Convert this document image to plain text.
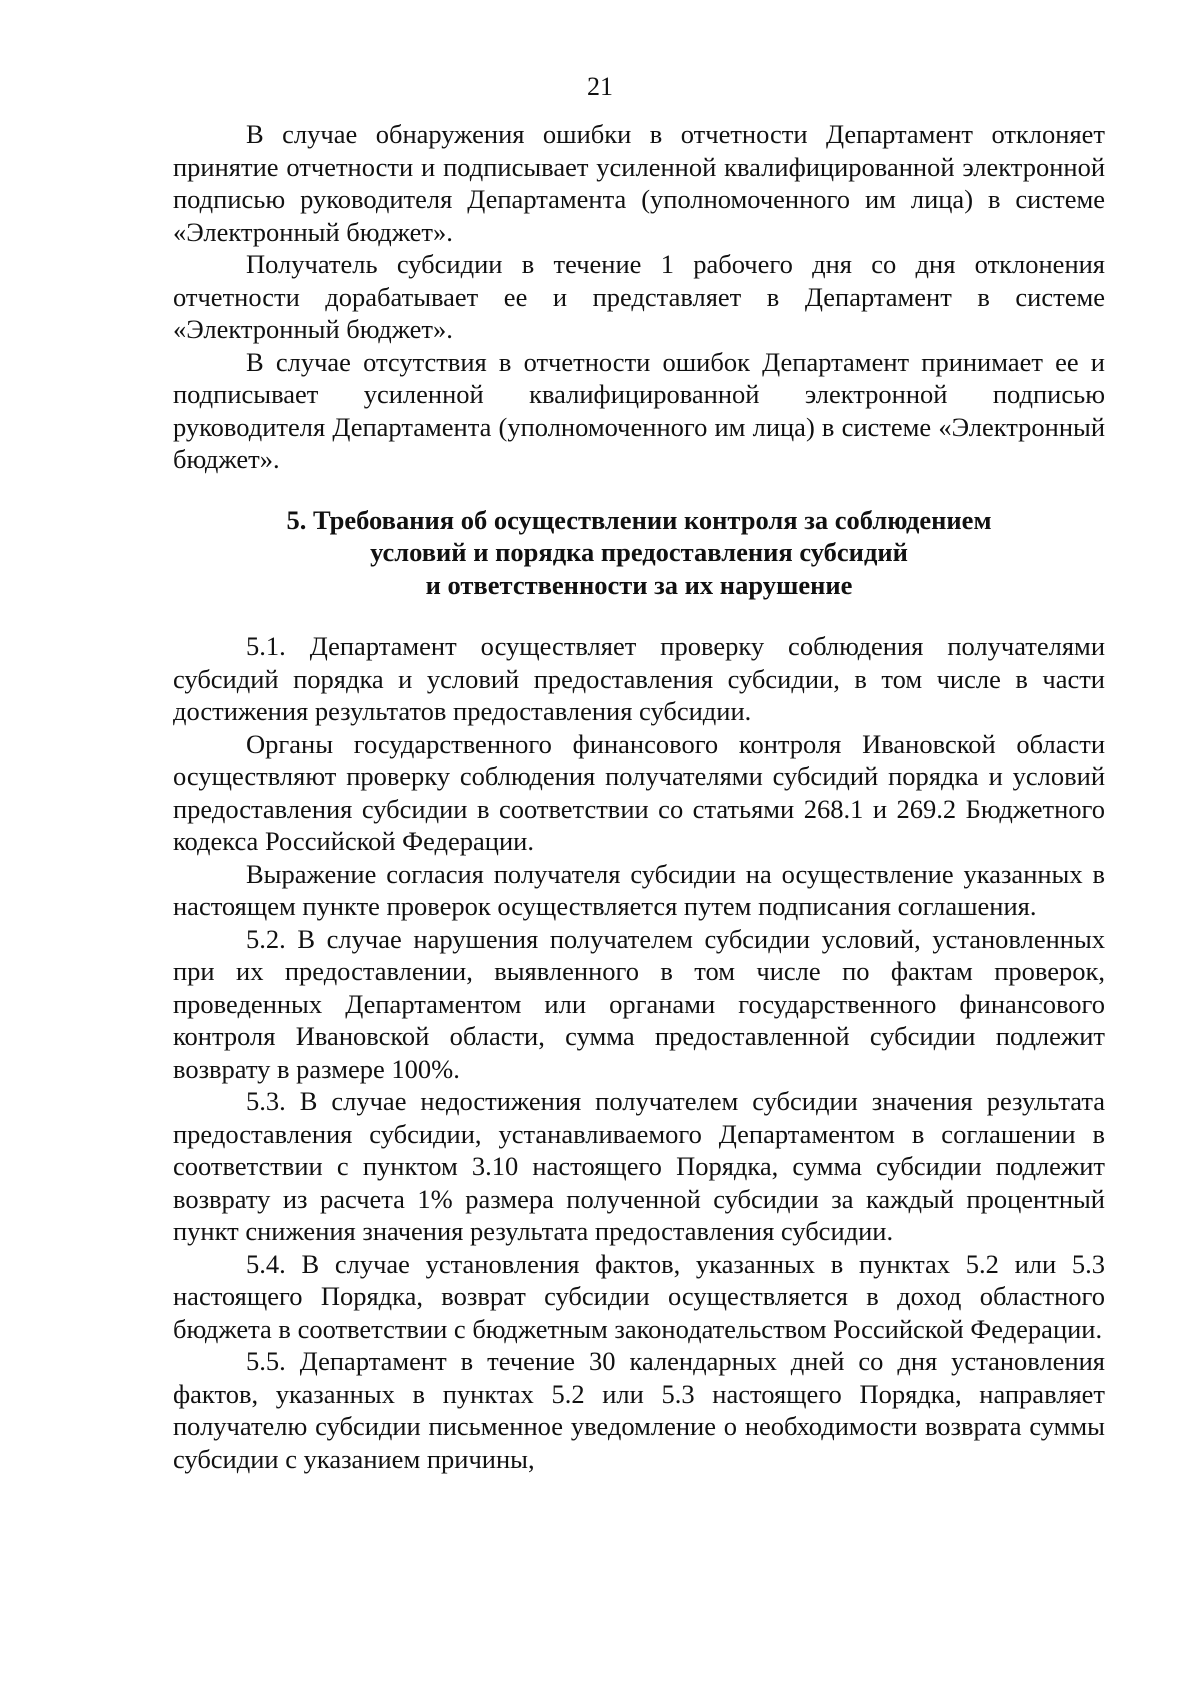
21

В случае обнаружения ошибки в отчетности Департамент отклоняет принятие отчетности и подписывает усиленной квалифицированной электронной подписью руководителя Департамента (уполномоченного им лица) в системе «Электронный бюджет».

Получатель субсидии в течение 1 рабочего дня со дня отклонения отчетности дорабатывает ее и представляет в Департамент в системе «Электронный бюджет».

В случае отсутствия в отчетности ошибок Департамент принимает ее и подписывает усиленной квалифицированной электронной подписью руководителя Департамента (уполномоченного им лица) в системе «Электронный бюджет».

5. Требования об осуществлении контроля за соблюдением
условий и порядка предоставления субсидий
и ответственности за их нарушение

5.1. Департамент осуществляет проверку соблюдения получателями субсидий порядка и условий предоставления субсидии, в том числе в части достижения результатов предоставления субсидии.

Органы государственного финансового контроля Ивановской области осуществляют проверку соблюдения получателями субсидий порядка и условий предоставления субсидии в соответствии со статьями 268.1 и 269.2 Бюджетного кодекса Российской Федерации.

Выражение согласия получателя субсидии на осуществление указанных в настоящем пункте проверок осуществляется путем подписания соглашения.

5.2. В случае нарушения получателем субсидии условий, установленных при их предоставлении, выявленного в том числе по фактам проверок, проведенных Департаментом или органами государственного финансового контроля Ивановской области, сумма предоставленной субсидии подлежит возврату в размере 100%.

5.3. В случае недостижения получателем субсидии значения результата предоставления субсидии, устанавливаемого Департаментом в соглашении в соответствии с пунктом 3.10 настоящего Порядка, сумма субсидии подлежит возврату из расчета 1% размера полученной субсидии за каждый процентный пункт снижения значения результата предоставления субсидии.

5.4. В случае установления фактов, указанных в пунктах 5.2 или 5.3 настоящего Порядка, возврат субсидии осуществляется в доход областного бюджета в соответствии с бюджетным законодательством Российской Федерации.

5.5. Департамент в течение 30 календарных дней со дня установления фактов, указанных в пунктах 5.2 или 5.3 настоящего Порядка, направляет получателю субсидии письменное уведомление о необходимости возврата суммы субсидии с указанием причины,
